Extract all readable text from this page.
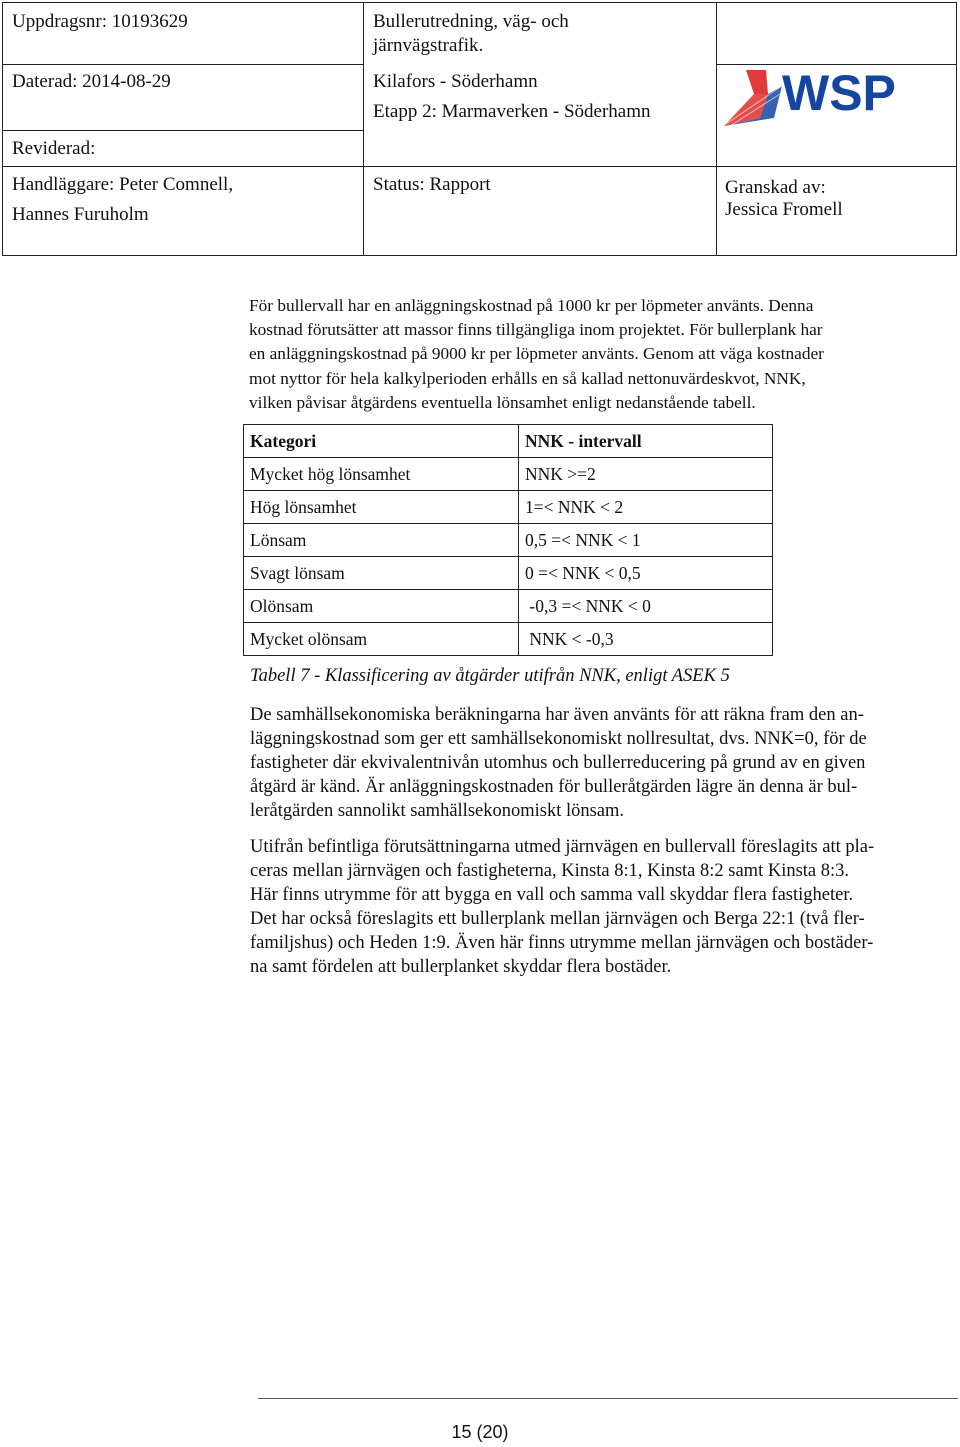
Uppdragsnr: 10193629
Daterad: 2014-08-29
Reviderad:
Handläggare: Peter Comnell,
Hannes Furuholm
Bullerutredning, väg- och
järnvägstrafik.
Kilafors - Söderhamn
Etapp 2: Marmaverken - Söderhamn
Status: Rapport	Granskad av:
Jessica Fromell
WSP

För bullervall har en anläggningskostnad på 1000 kr per löpmeter använts. Denna

kostnad förutsätter att massor finns tillgängliga inom projektet. För bullerplank har

en anläggningskostnad på 9000 kr per löpmeter använts. Genom att väga kostnader

mot nyttor för hela kalkylperioden erhålls en så kallad nettonuvärdeskvot, NNK,

vilken påvisar åtgärdens eventuella lönsamhet enligt nedanstående tabell.

Kategori	NNK - intervall
Mycket hög lönsamhet	NNK >=2
Hög lönsamhet	1=< NNK < 2
Lönsam	0,5 =< NNK < 1
Svagt lönsam	0 =< NNK < 0,5
Olönsam	-0,3 =< NNK < 0
Mycket olönsam	NNK < -0,3
Tabell 7 - Klassificering av åtgärder utifrån NNK, enligt ASEK 5

De samhällsekonomiska beräkningarna har även använts för att räkna fram den an-

läggningskostnad som ger ett samhällsekonomiskt nollresultat, dvs. NNK=0, för de

fastigheter där ekvivalentnivån utomhus och bullerreducering på grund av en given

åtgärd är känd. Är anläggningskostnaden för bulleråtgärden lägre än denna är bul-

leråtgärden sannolikt samhällsekonomiskt lönsam.

Utifrån befintliga förutsättningarna utmed järnvägen en bullervall föreslagits att pla-

ceras mellan järnvägen och fastigheterna, Kinsta 8:1, Kinsta 8:2 samt Kinsta 8:3.

Här finns utrymme för att bygga en vall och samma vall skyddar flera fastigheter.

Det har också föreslagits ett bullerplank mellan järnvägen och Berga 22:1 (två fler-

familjshus) och Heden 1:9. Även här finns utrymme mellan järnvägen och bostäder-

na samt fördelen att bullerplanket skyddar flera bostäder.

15 (20)
